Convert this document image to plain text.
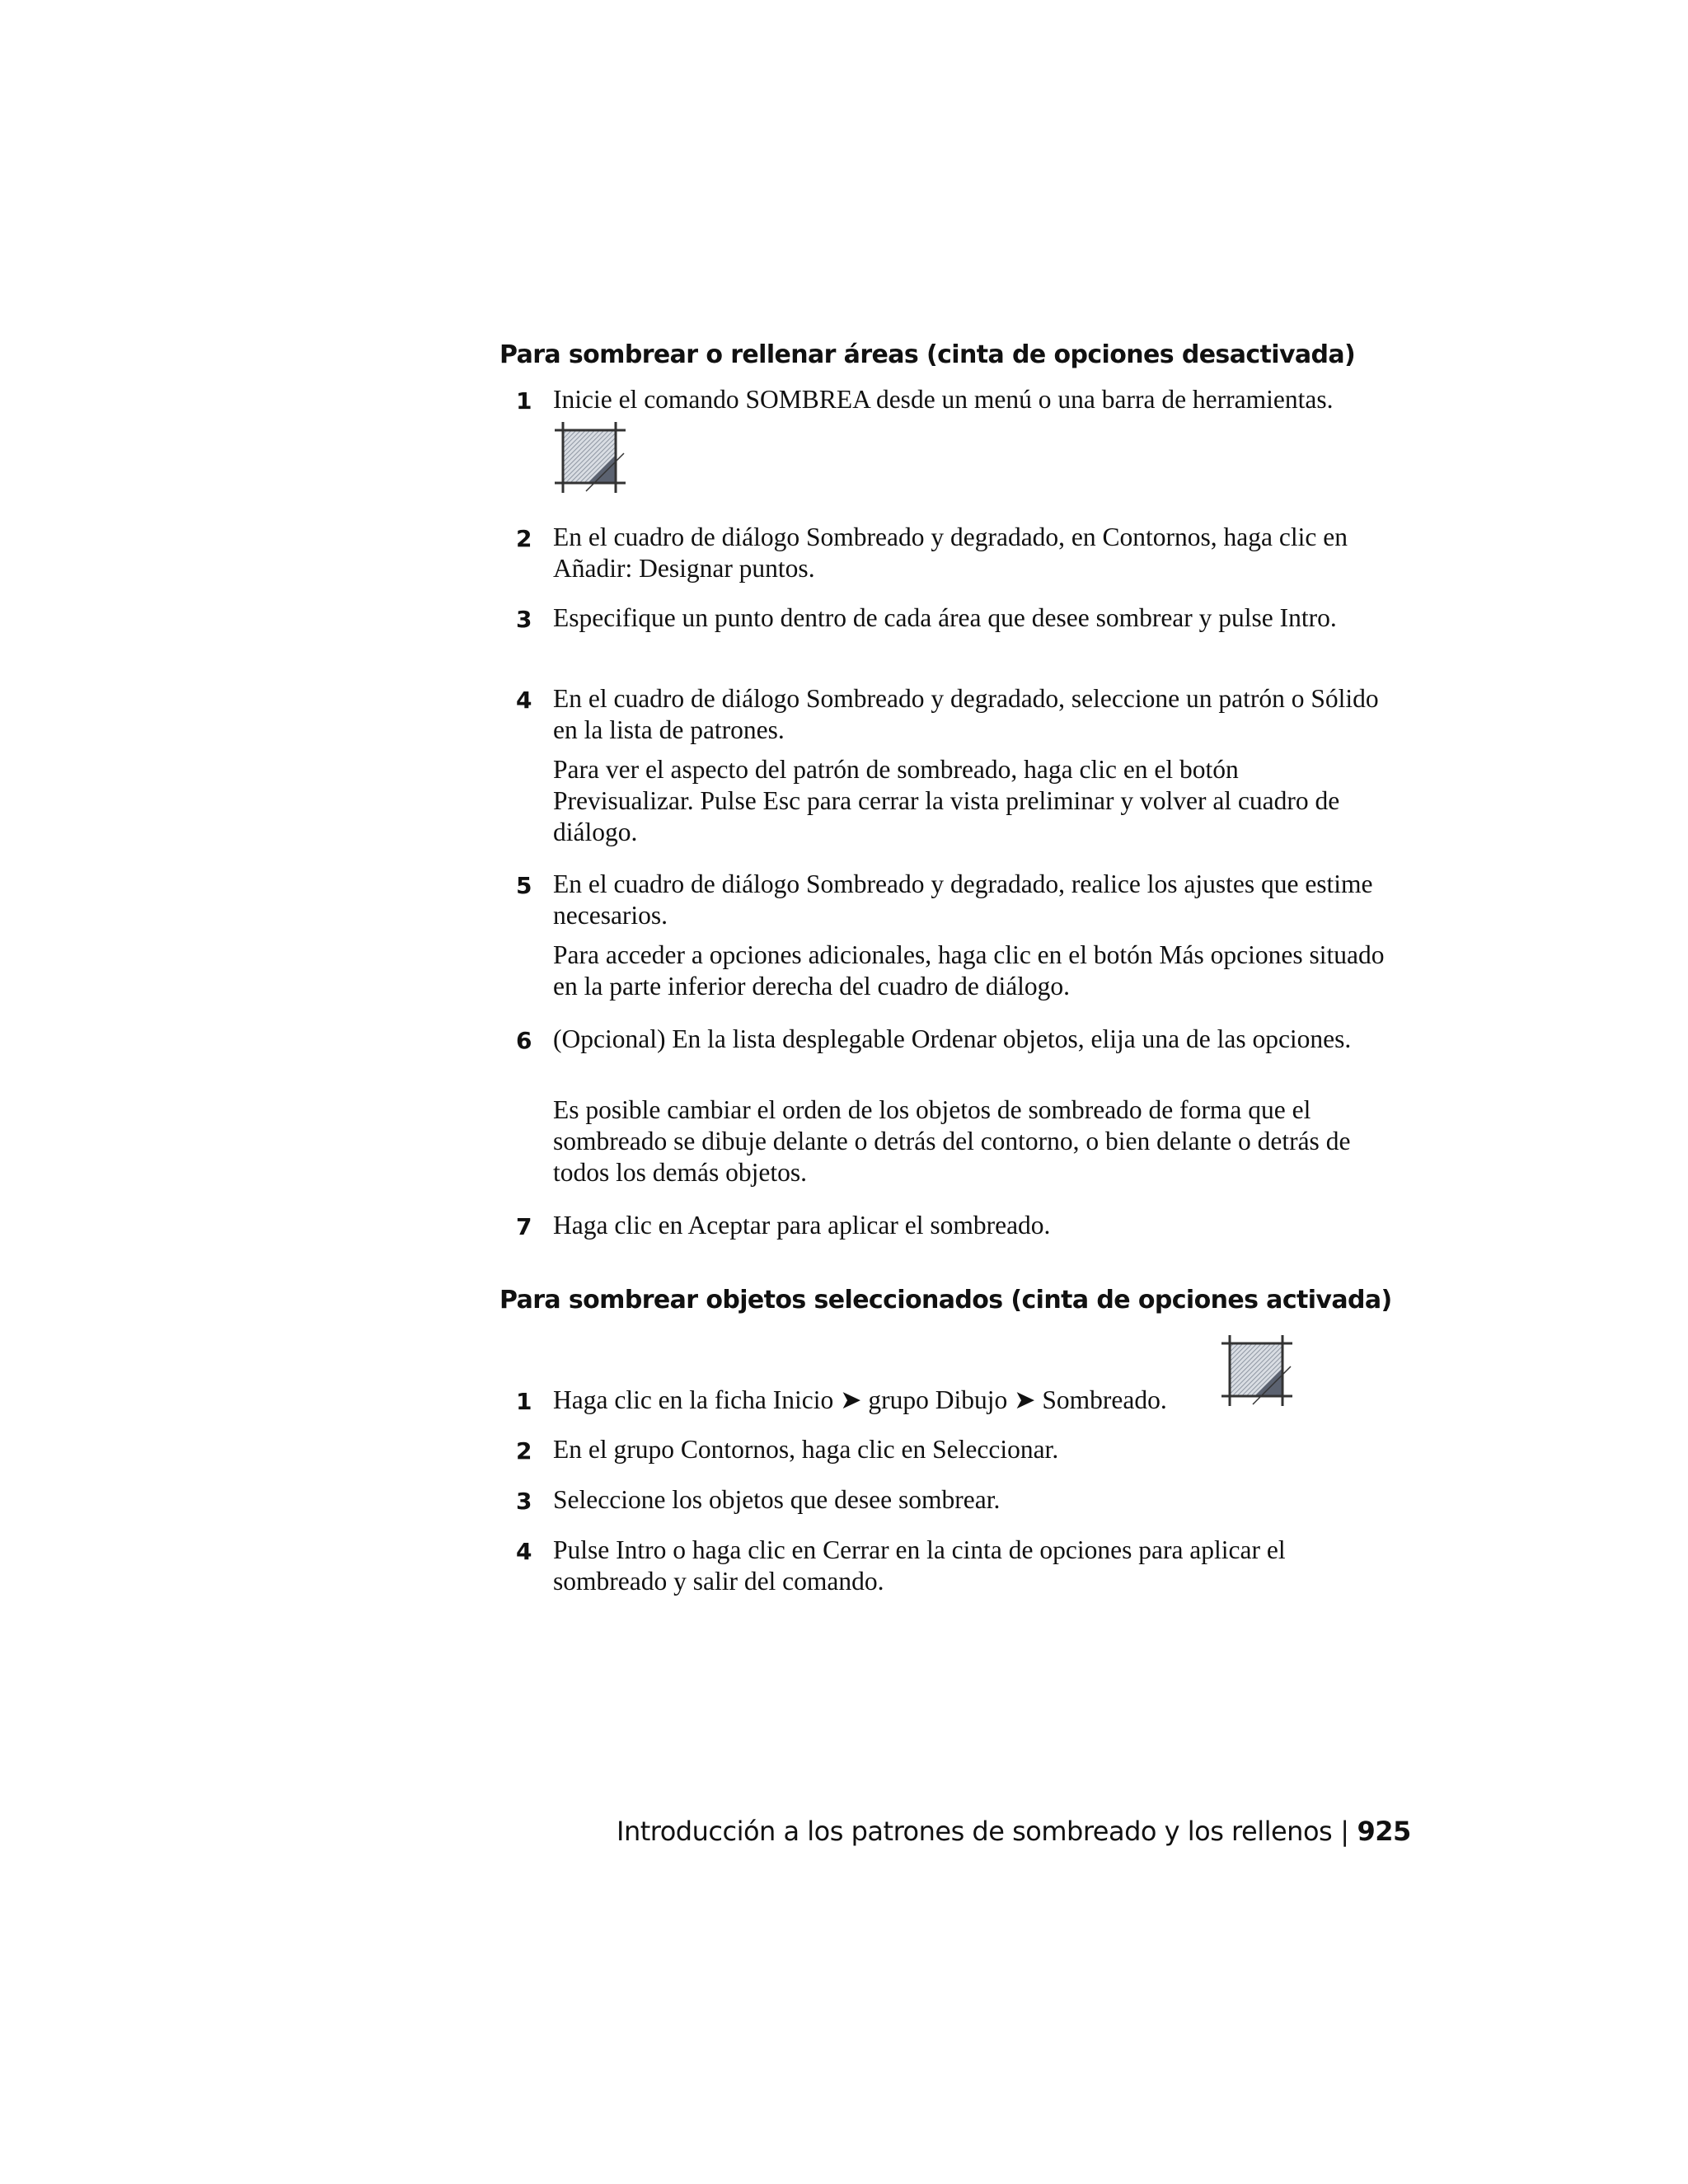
Para sombrear o rellenar áreas (cinta de opciones desactivada)
1 Inicie el comando SOMBREA desde un menú o una barra de herramientas.
2 En el cuadro de diálogo Sombreado y degradado, en Contornos, haga clic en Añadir: Designar puntos.
3 Especifique un punto dentro de cada área que desee sombrear y pulse Intro.
4 En el cuadro de diálogo Sombreado y degradado, seleccione un patrón o Sólido en la lista de patrones.
Para ver el aspecto del patrón de sombreado, haga clic en el botón Previsualizar. Pulse Esc para cerrar la vista preliminar y volver al cuadro de diálogo.
5 En el cuadro de diálogo Sombreado y degradado, realice los ajustes que estime necesarios.
Para acceder a opciones adicionales, haga clic en el botón Más opciones situado en la parte inferior derecha del cuadro de diálogo.
6 (Opcional) En la lista desplegable Ordenar objetos, elija una de las opciones.
Es posible cambiar el orden de los objetos de sombreado de forma que el sombreado se dibuje delante o detrás del contorno, o bien delante o detrás de todos los demás objetos.
7 Haga clic en Aceptar para aplicar el sombreado.
Para sombrear objetos seleccionados (cinta de opciones activada)
1 Haga clic en la ficha Inicio ➤ grupo Dibujo ➤ Sombreado.
2 En el grupo Contornos, haga clic en Seleccionar.
3 Seleccione los objetos que desee sombrear.
4 Pulse Intro o haga clic en Cerrar en la cinta de opciones para aplicar el sombreado y salir del comando.
Introducción a los patrones de sombreado y los rellenos | 925
